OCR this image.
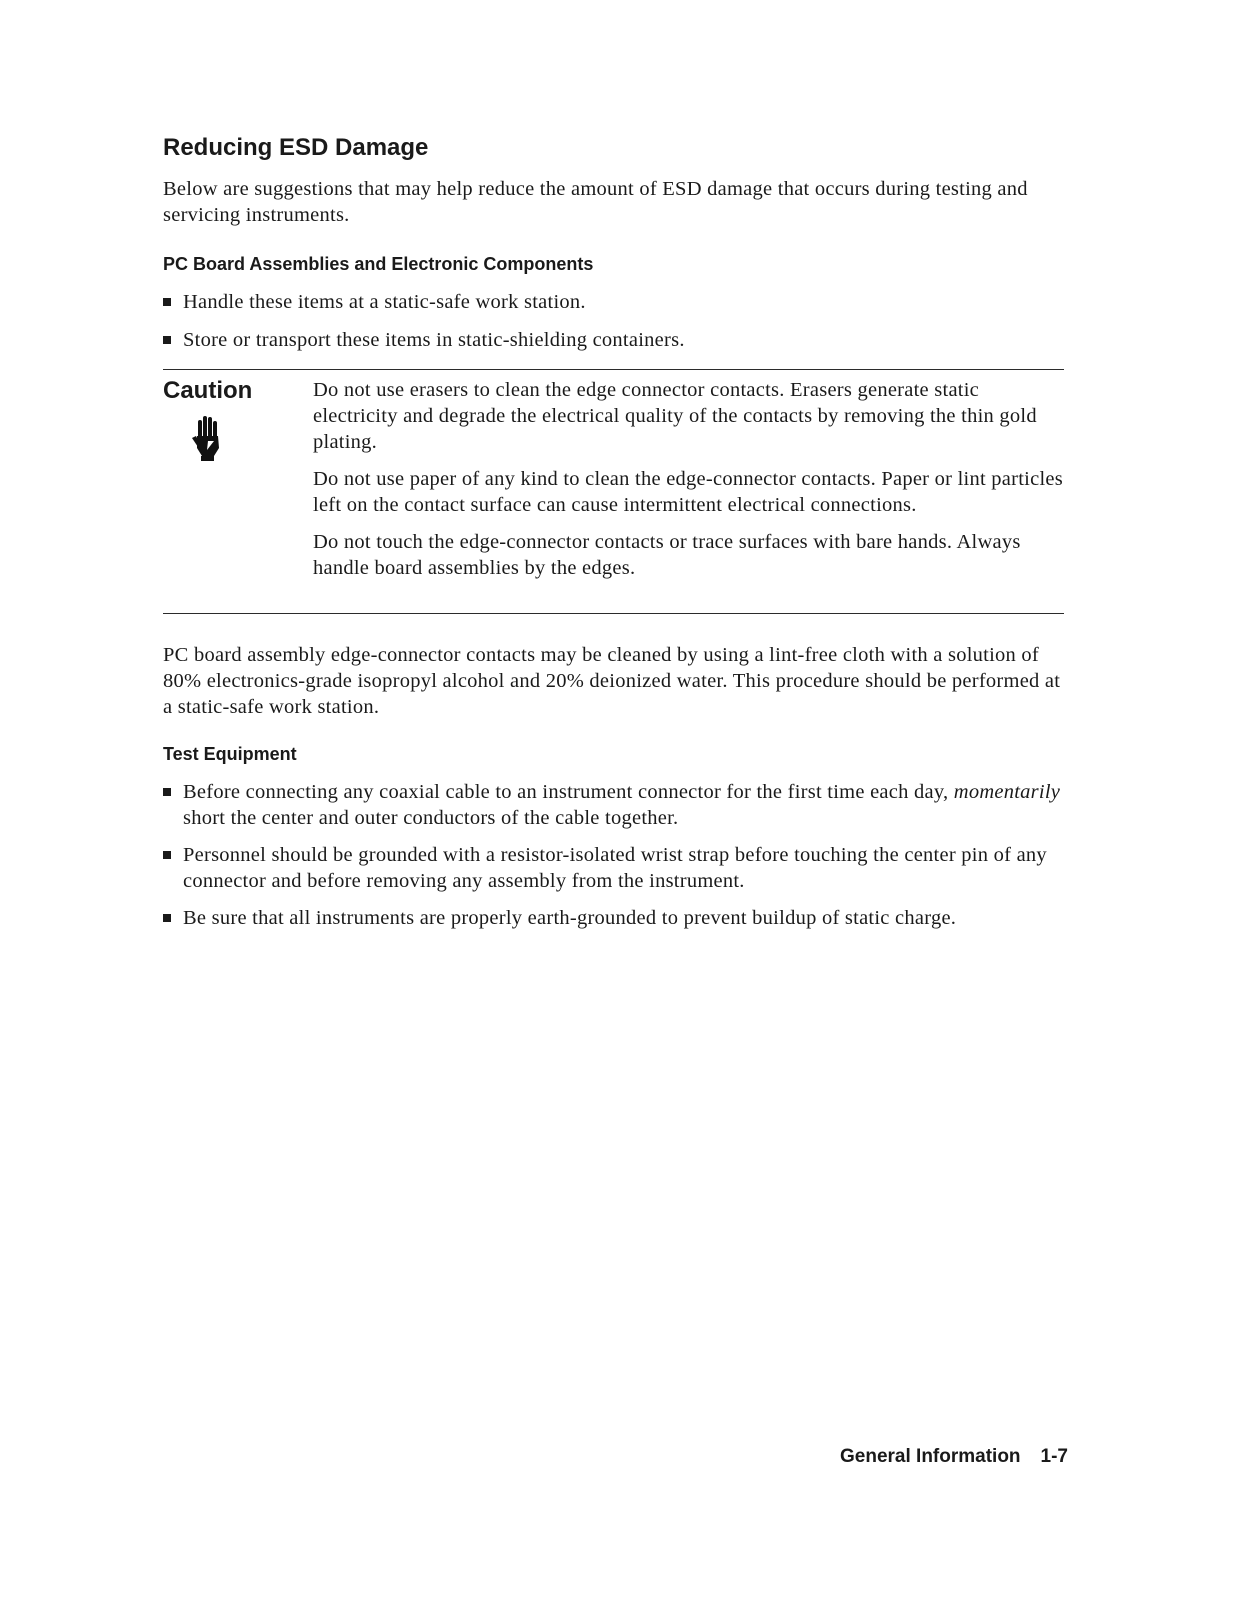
Reducing ESD Damage

Below are suggestions that may help reduce the amount of ESD damage that occurs during testing and servicing instruments.

PC Board Assemblies and Electronic Components
Handle these items at a static-safe work station.
Store or transport these items in static-shielding containers.
Caution	Do not use erasers to clean the edge connector contacts. Erasers generate static electricity and degrade the electrical quality of the contacts by removing the thin gold plating.

Do not use paper of any kind to clean the edge-connector contacts. Paper or lint particles left on the contact surface can cause intermittent electrical connections.

Do not touch the edge-connector contacts or trace surfaces with bare hands. Always handle board assemblies by the edges.

PC board assembly edge-connector contacts may be cleaned by using a lint-free cloth with a solution of 80% electronics-grade isopropyl alcohol and 20% deionized water. This procedure should be performed at a static-safe work station.

Test Equipment
Before connecting any coaxial cable to an instrument connector for the first time each day, momentarily short the center and outer conductors of the cable together.
Personnel should be grounded with a resistor-isolated wrist strap before touching the center pin of any connector and before removing any assembly from the instrument.
Be sure that all instruments are properly earth-grounded to prevent buildup of static charge.
General Information 1-7
